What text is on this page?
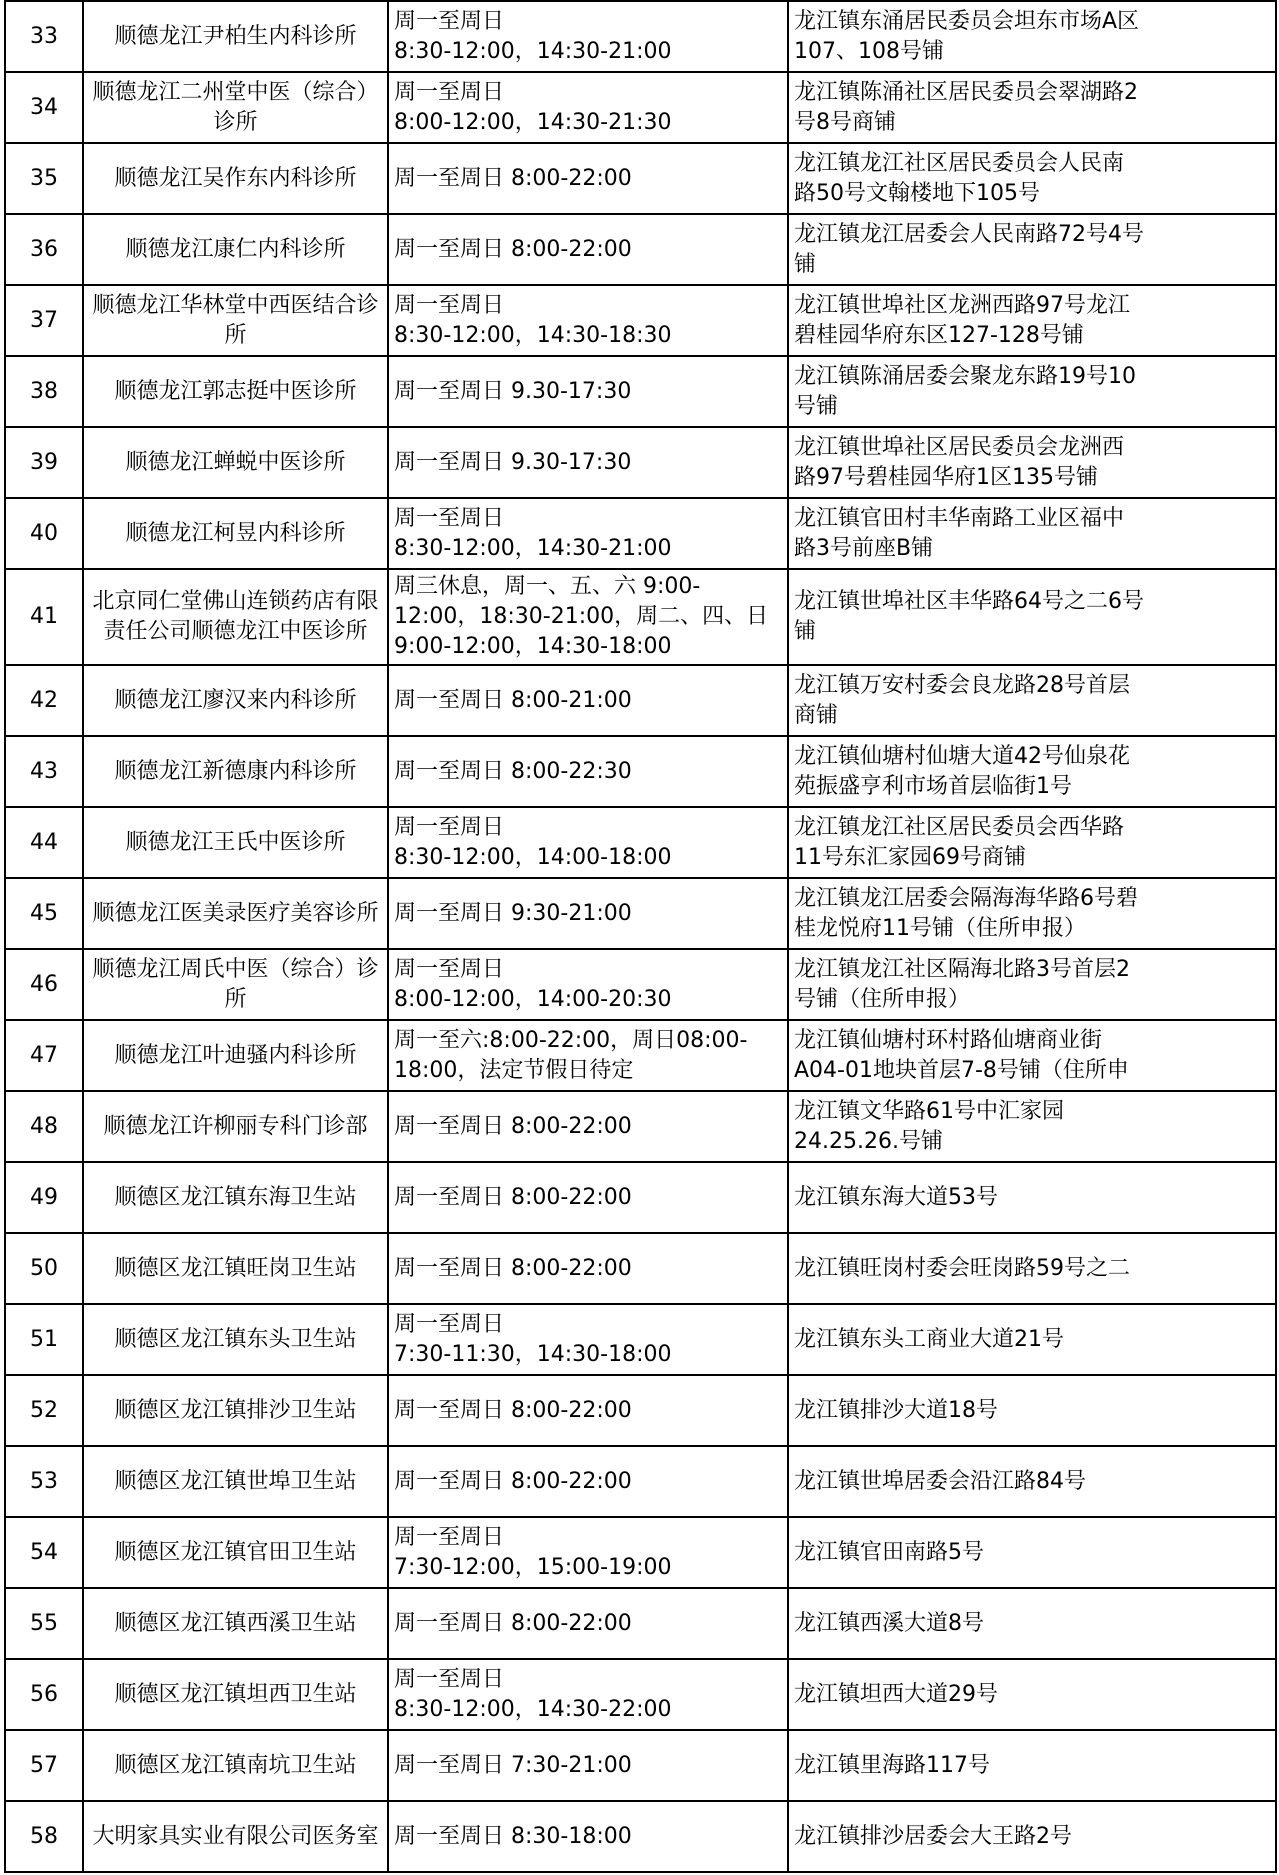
33	顺德龙江尹柏生内科诊所	周一至周日
8:30-12:00，14:30-21:00	龙江镇东涌居民委员会坦东市场A区
107、108号铺

34	顺德龙江二州堂中医（综合）诊所	周一至周日
8:00-12:00，14:30-21:30	龙江镇陈涌社区居民委员会翠湖路2
号8号商铺

35	顺德龙江吴作东内科诊所	周一至周日 8:00-22:00	龙江镇龙江社区居民委员会人民南
路50号文翰楼地下105号

36	顺德龙江康仁内科诊所	周一至周日 8:00-22:00	龙江镇龙江居委会人民南路72号4号
铺

37	顺德龙江华林堂中西医结合诊所	周一至周日
8:30-12:00，14:30-18:30	龙江镇世埠社区龙洲西路97号龙江
碧桂园华府东区127-128号铺

38	顺德龙江郭志挺中医诊所	周一至周日 9.30-17:30	龙江镇陈涌居委会聚龙东路19号10
号铺

39	顺德龙江蝉蜕中医诊所	周一至周日 9.30-17:30	龙江镇世埠社区居民委员会龙洲西
路97号碧桂园华府1区135号铺

40	顺德龙江柯昱内科诊所	周一至周日
8:30-12:00，14:30-21:00	龙江镇官田村丰华南路工业区福中
路3号前座B铺

41	北京同仁堂佛山连锁药店有限责任公司顺德龙江中医诊所	周三休息，周一、五、六 9:00-
12:00，18:30-21:00，周二、四、日
9:00-12:00，14:30-18:00	龙江镇世埠社区丰华路64号之二6号
铺

42	顺德龙江廖汉来内科诊所	周一至周日 8:00-21:00	龙江镇万安村委会良龙路28号首层
商铺

43	顺德龙江新德康内科诊所	周一至周日 8:00-22:30	龙江镇仙塘村仙塘大道42号仙泉花
苑振盛亨利市场首层临街1号

44	顺德龙江王氏中医诊所	周一至周日
8:30-12:00，14:00-18:00	龙江镇龙江社区居民委员会西华路
11号东汇家园69号商铺

45	顺德龙江医美录医疗美容诊所	周一至周日 9:30-21:00	龙江镇龙江居委会隔海海华路6号碧
桂龙悦府11号铺（住所申报）

46	顺德龙江周氏中医（综合）诊所	周一至周日
8:00-12:00，14:00-20:30	龙江镇龙江社区隔海北路3号首层2
号铺（住所申报）

47	顺德龙江叶迪骚内科诊所	周一至六:8:00-22:00，周日08:00-
18:00，法定节假日待定	龙江镇仙塘村环村路仙塘商业街
A04-01地块首层7-8号铺（住所申

48	顺德龙江许柳丽专科门诊部	周一至周日 8:00-22:00	龙江镇文华路61号中汇家园
24.25.26.号铺

49	顺德区龙江镇东海卫生站	周一至周日 8:00-22:00	龙江镇东海大道53号

50	顺德区龙江镇旺岗卫生站	周一至周日 8:00-22:00	龙江镇旺岗村委会旺岗路59号之二

51	顺德区龙江镇东头卫生站	周一至周日
7:30-11:30，14:30-18:00	龙江镇东头工商业大道21号

52	顺德区龙江镇排沙卫生站	周一至周日 8:00-22:00	龙江镇排沙大道18号

53	顺德区龙江镇世埠卫生站	周一至周日 8:00-22:00	龙江镇世埠居委会沿江路84号

54	顺德区龙江镇官田卫生站	周一至周日
7:30-12:00，15:00-19:00	龙江镇官田南路5号

55	顺德区龙江镇西溪卫生站	周一至周日 8:00-22:00	龙江镇西溪大道8号

56	顺德区龙江镇坦西卫生站	周一至周日
8:30-12:00，14:30-22:00	龙江镇坦西大道29号

57	顺德区龙江镇南坑卫生站	周一至周日 7:30-21:00	龙江镇里海路117号

58	大明家具实业有限公司医务室	周一至周日 8:30-18:00	龙江镇排沙居委会大王路2号
